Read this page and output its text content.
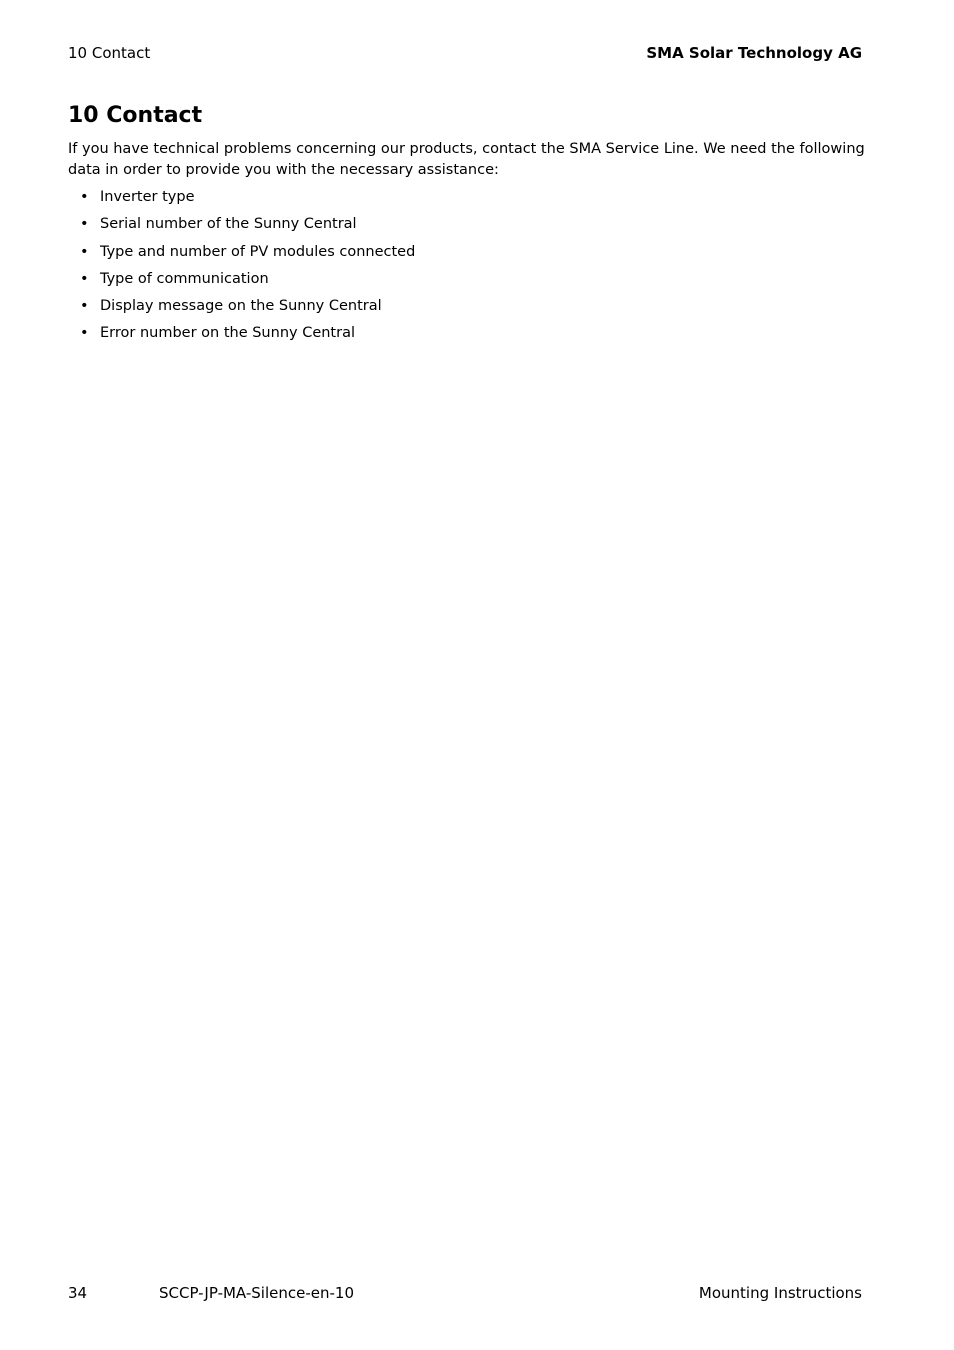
10 Contact	SMA Solar Technology AG
10 Contact

If you have technical problems concerning our products, contact the SMA Service Line. We need the following data in order to provide you with the necessary assistance:

• Inverter type
• Serial number of the Sunny Central
• Type and number of PV modules connected
• Type of communication
• Display message on the Sunny Central
• Error number on the Sunny Central
34	SCCP-JP-MA-Silence-en-10	Mounting Instructions
